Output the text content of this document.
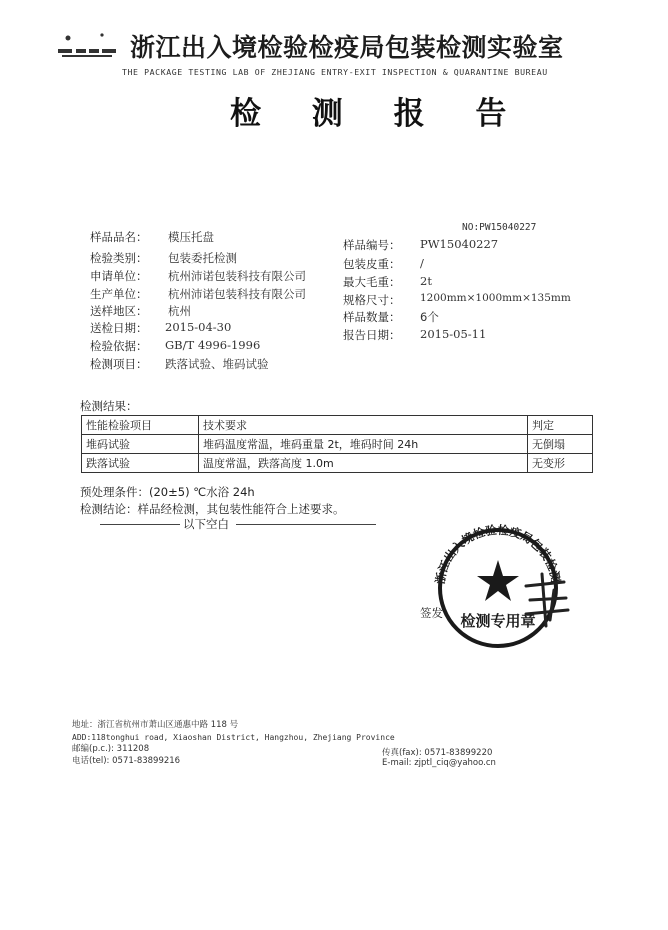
浙江出入境检验检疫局包装检测实验室
THE PACKAGE TESTING LAB OF ZHEJIANG ENTRY-EXIT INSPECTION & QUARANTINE BUREAU
检 测 报 告
NO:PW15040227
样品品名： 模压托盘
检验类别： 包装委托检测
申请单位： 杭州沛诺包装科技有限公司
生产单位： 杭州沛诺包装科技有限公司
送样地区： 杭州
送检日期： 2015-04-30
检验依据： GB/T 4996-1996
检测项目： 跌落试验、堆码试验
样品编号： PW15040227
包装皮重： /
最大毛重： 2t
规格尺寸： 1200mm×1000mm×135mm
样品数量： 6个
报告日期： 2015-05-11
检测结果：
性能检验项目	技术要求	判定
堆码试验	堆码温度常温，堆码重量 2t，堆码时间 24h	无倒塌
跌落试验	温度常温，跌落高度 1.0m	无变形
预处理条件：(20±5) ℃水浴 24h
检测结论：样品经检测，其包装性能符合上述要求。
以下空白
签发
浙江出入境检验检疫局包装检测
检测专用章
地址：浙江省杭州市萧山区通惠中路 118 号
ADD:118tonghui road, Xiaoshan District, Hangzhou, Zhejiang Province
邮编(p.c.): 311208	传真(fax): 0571-83899220
电话(tel): 0571-83899216	E-mail: zjptl_ciq@yahoo.cn
